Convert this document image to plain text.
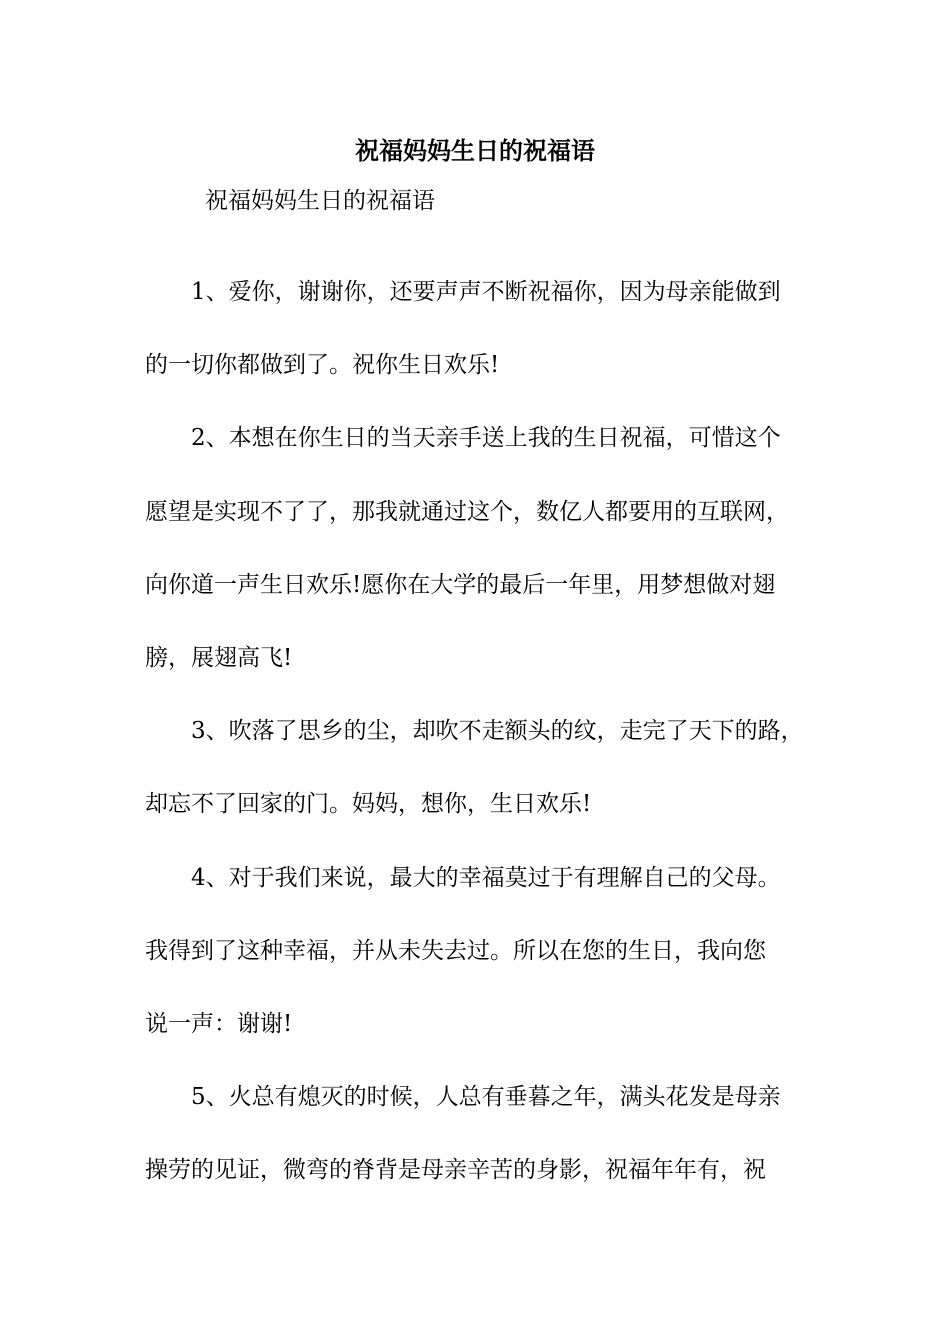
祝福妈妈生日的祝福语
祝福妈妈生日的祝福语
1、爱你，谢谢你，还要声声不断祝福你，因为母亲能做到
的一切你都做到了。祝你生日欢乐!
2、本想在你生日的当天亲手送上我的生日祝福，可惜这个
愿望是实现不了了，那我就通过这个，数亿人都要用的互联网，
向你道一声生日欢乐!愿你在大学的最后一年里，用梦想做对翅
膀，展翅高飞!
3、吹落了思乡的尘，却吹不走额头的纹，走完了天下的路，
却忘不了回家的门。妈妈，想你，生日欢乐!
4、对于我们来说，最大的幸福莫过于有理解自己的父母。
我得到了这种幸福，并从未失去过。所以在您的生日，我向您
说一声：谢谢!
5、火总有熄灭的时候，人总有垂暮之年，满头花发是母亲
操劳的见证，微弯的脊背是母亲辛苦的身影，祝福年年有，祝
